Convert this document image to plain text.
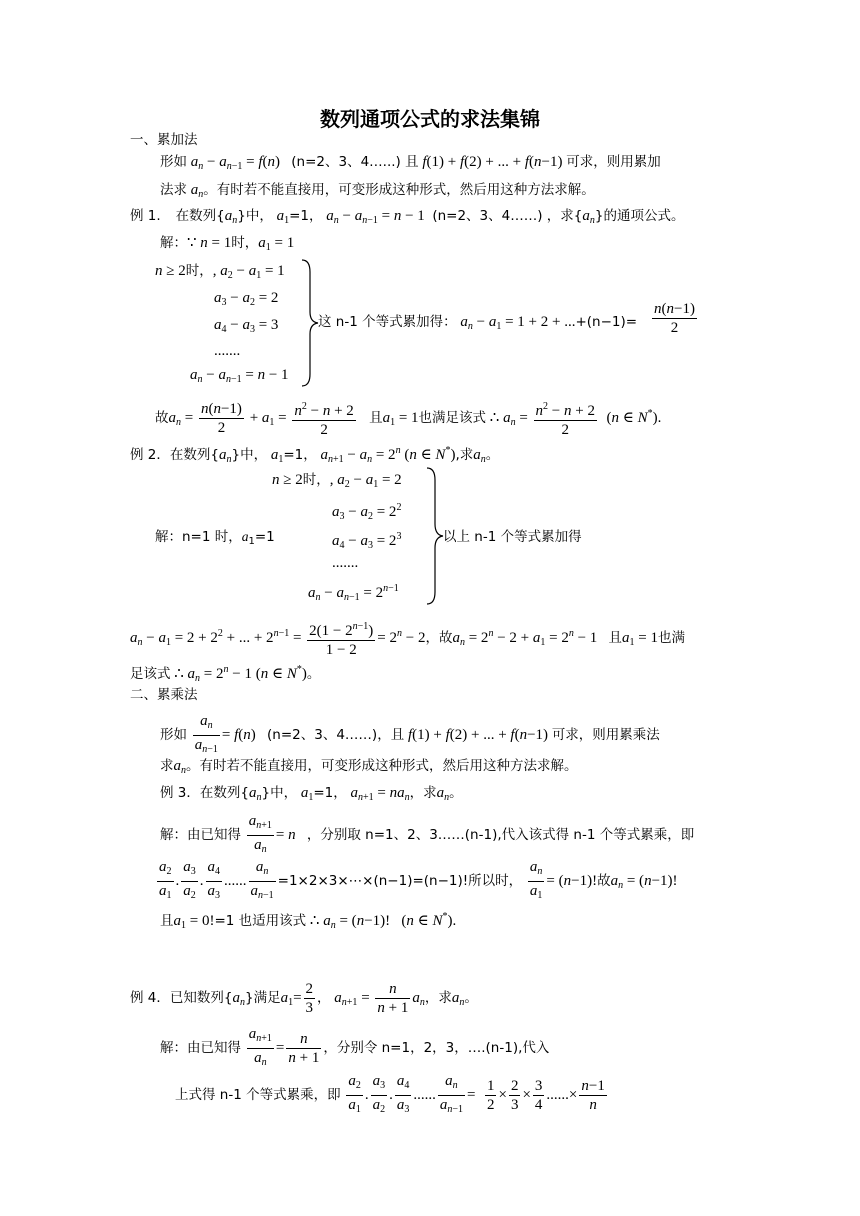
数列通项公式的求法集锦
一、累加法
形如 $a_n - a_{n-1} = f(n)$   (n=2、3、4…...) 且 f(1) + f(2) + ... + f(n−1) 可求，则用累加
法求 $a_n$。有时若不能直接用，可变形成这种形式，然后用这种方法求解。
例 1. 在数列$\{a_n\}$中， $a_1=1$， $a_n - a_{n-1} = n - 1$  (n=2、3、4……) ，求$\{a_n\}$的通项公式。
解：∵ n = 1时，$a_1 = 1$
n ≥ 2时，, $a_2 - a_1 = 1$
$a_3 - a_2 = 2$
$a_4 - a_3 = 3$
.......
$a_n - a_{n-1} = n - 1$
这 n-1 个等式累加得： $a_n - a_1 = 1 + 2 + ...+(n-1)= \frac{n(n-1)}{2}$
故$a_n = \frac{n(n-1)}{2} + a_1 = \frac{n^2 - n + 2}{2}$ 且$a_1 = 1$也满足该式 ∴ $a_n = \frac{n^2 - n + 2}{2} (n$ ∈ N*).
例 2．在数列$\{a_n\}$中， $a_1=1$， $a_{n+1} - a_n = 2^n$ (n ∈ N*),求$a_n$。
n ≥ 2时，, $a_2 - a_1 = 2$
$a_3 - a_2 = 2^2$
解：n=1 时，$a_1=1$	$a_4 - a_3 = 2^3$
.......
$a_n - a_{n-1} = 2^{n-1}$
以上 n-1 个等式累加得
$a_n - a_1 = 2 + 2^2$ + ... + $2^{n-1} = \frac{2(1 - 2^{n-1})}{1 - 2} = 2^n - 2$，故$a_n = 2^n - 2 + a_1 = 2^n - 1$   且$a_1 = 1$也满
足该式 ∴ $a_n = 2^n - 1$ (n ∈ N*)。
二、累乘法
形如 $\frac{a_n}{a_{n-1}} = f(n)$   (n=2、3、4……)，且 f(1) + f(2) + ... + f(n−1) 可求，则用累乘法
求$a_n$。有时若不能直接用，可变形成这种形式，然后用这种方法求解。
例 3．在数列$\{a_n\}$中， $a_1=1$， $a_{n+1} = na_n$，求$a_n$。
解：由已知得 $\frac{a_{n+1}}{a_n} = n$ ，分别取 n=1、2、3……(n-1),代入该式得 n-1 个等式累乘，即
$\frac{a_2}{a_1}$ . $\frac{a_3}{a_2}$ . $\frac{a_4}{a_3}$ ...... $\frac{a_n}{a_{n-1}}$ =1×2×3×⋯×(n−1)=(n−1)!所以时， $\frac{a_n}{a_1} = (n-1)$!故$a_n = (n-1)$!
且$a_1 = 0!=1$ 也适用该式 ∴ $a_n = (n-1)$!   (n ∈ N*).
例 4．已知数列$\{a_n\}$满足$a_1= \frac{2}{3}$ ， $a_{n+1} = \frac{n}{n + 1} a_n$，求$a_n$。
解：由已知得 $\frac{a_{n+1}}{a_n} = \frac{n}{n + 1}$ ，分别令 n=1，2，3，….(n-1),代入
上式得 n-1 个等式累乘，即 $\frac{a_2}{a_1}$ . $\frac{a_3}{a_2}$ . $\frac{a_4}{a_3}$ ...... $\frac{a_n}{a_{n-1}} = \frac{1}{2} \times \frac{2}{3} \times \frac{3}{4}$ ......× $\frac{n-1}{n}$
